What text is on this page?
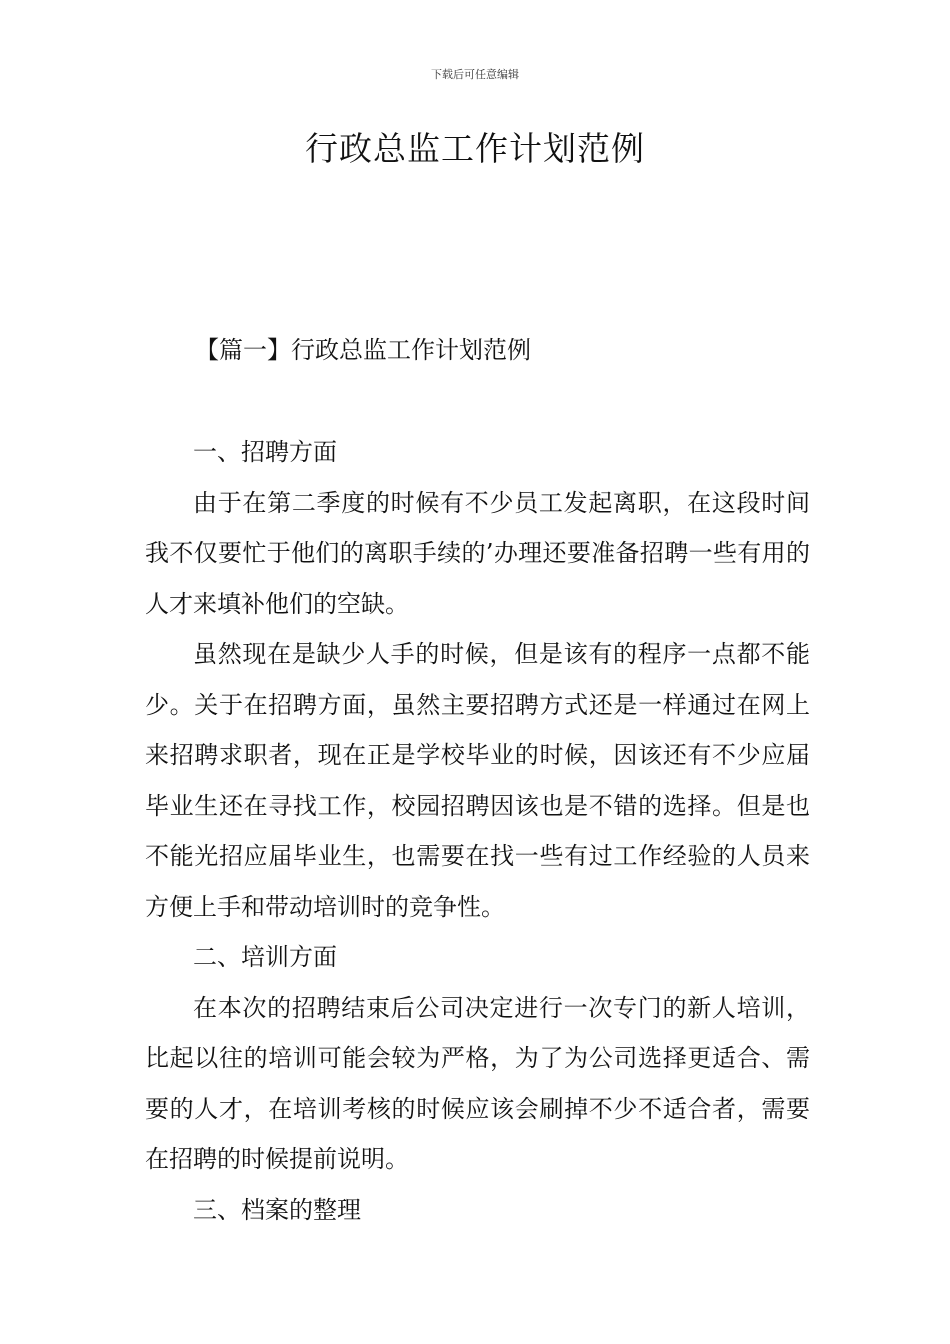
下载后可任意编辑
行政总监工作计划范例
【篇一】行政总监工作计划范例

一、招聘方面

由于在第二季度的时候有不少员工发起离职，在这段时间我不仅要忙于他们的离职手续的’办理还要准备招聘一些有用的人才来填补他们的空缺。

虽然现在是缺少人手的时候，但是该有的程序一点都不能少。关于在招聘方面，虽然主要招聘方式还是一样通过在网上来招聘求职者，现在正是学校毕业的时候，因该还有不少应届毕业生还在寻找工作，校园招聘因该也是不错的选择。但是也不能光招应届毕业生，也需要在找一些有过工作经验的人员来方便上手和带动培训时的竞争性。

二、培训方面

在本次的招聘结束后公司决定进行一次专门的新人培训，比起以往的培训可能会较为严格，为了为公司选择更适合、需要的人才，在培训考核的时候应该会刷掉不少不适合者，需要在招聘的时候提前说明。

三、档案的整理
